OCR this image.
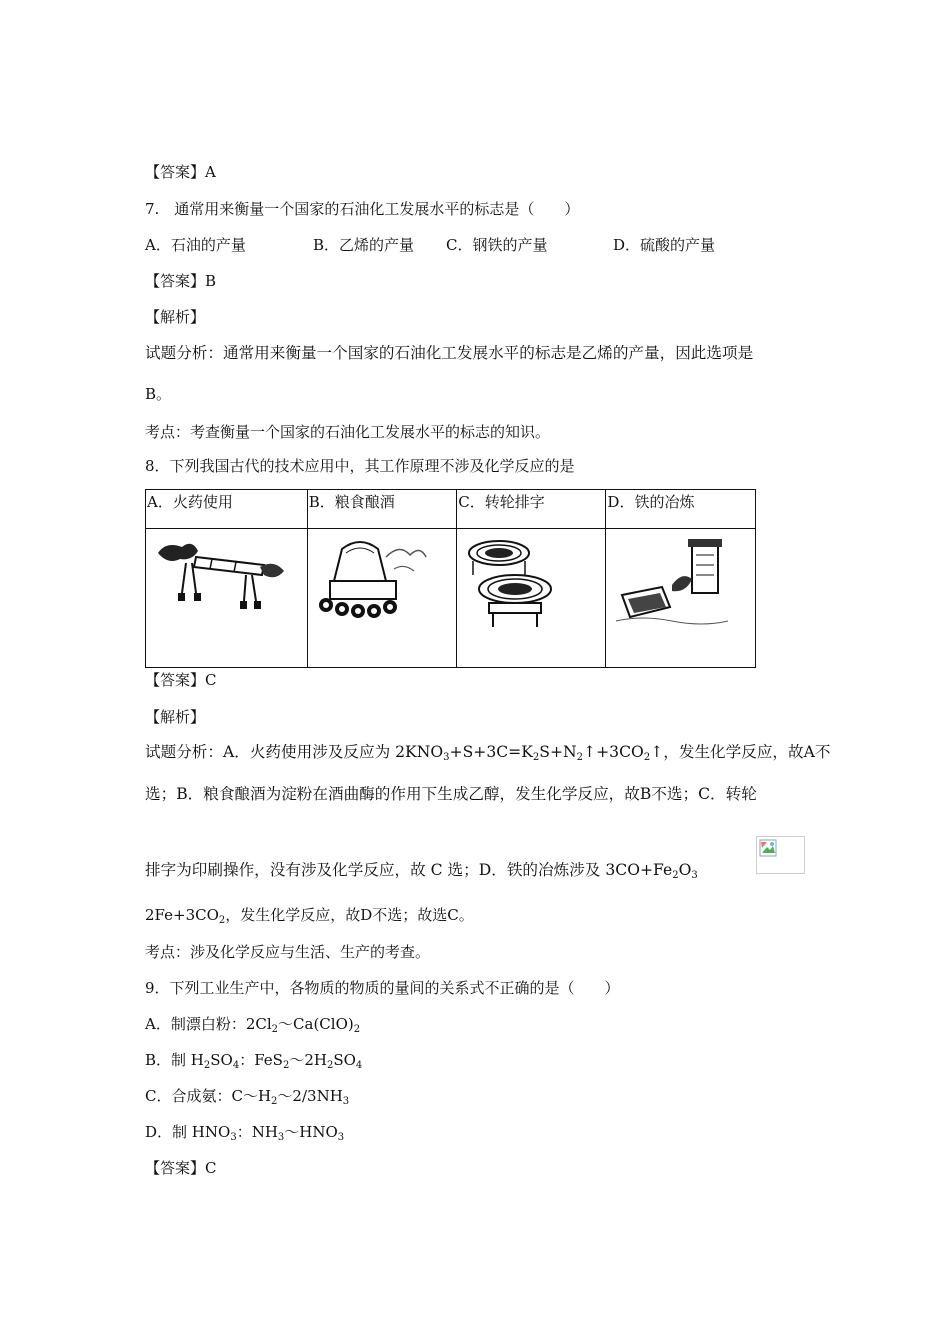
【答案】A
7.　通常用来衡量一个国家的石油化工发展水平的标志是（　　）
A．石油的产量	B．乙烯的产量 C．钢铁的产量	D．硫酸的产量
【答案】B
【解析】
试题分析：通常用来衡量一个国家的石油化工发展水平的标志是乙烯的产量，因此选项是
B。
考点：考查衡量一个国家的石油化工发展水平的标志的知识。
8．下列我国古代的技术应用中，其工作原理不涉及化学反应的是
A．火药使用	B．粮食酿酒	C．转轮排字	D．铁的冶炼

【答案】C
【解析】
试题分析：A．火药使用涉及反应为 $2KNO_3+S+3C=K_2S+N_2↑+3CO_2↑$，发生化学反应，故A不
选；B．粮食酿酒为淀粉在酒曲酶的作用下生成乙醇，发生化学反应，故B不选；C．转轮
排字为印刷操作，没有涉及化学反应，故 C 选；D．铁的冶炼涉及 $3CO+Fe_2O_3$
$2Fe+3CO_2$，发生化学反应，故D不选；故选C。
考点：涉及化学反应与生活、生产的考查。
9．下列工业生产中，各物质的物质的量间的关系式不正确的是（　　）
A．制漂白粉：$2Cl_2\sim Ca(ClO)_2$
B．制 $H_2SO_4$：$FeS_2\sim 2H_2SO_4$
C．合成氨：$C\sim H_2\sim 2/3NH_3$
D．制 $HNO_3$：$NH_3\sim HNO_3$
【答案】C
